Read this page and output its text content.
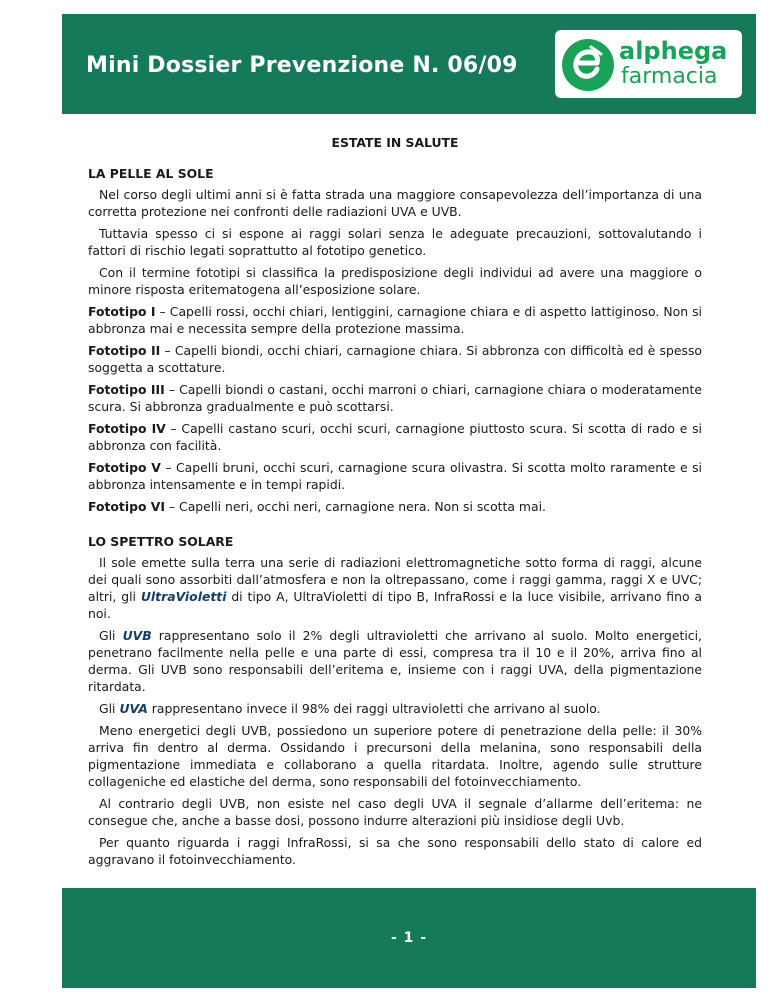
Mini Dossier Prevenzione N. 06/09
alphega
farmacia
ESTATE IN SALUTE
LA PELLE AL SOLE

Nel corso degli ultimi anni si è fatta strada una maggiore consapevolezza dell’importanza di una corretta protezione nei confronti delle radiazioni UVA e UVB.

Tuttavia spesso ci si espone ai raggi solari senza le adeguate precauzioni, sottovalutando i fattori di rischio legati soprattutto al fototipo genetico.

Con il termine fototipi si classifica la predisposizione degli individui ad avere una maggiore o minore risposta eritematogena all’esposizione solare.

Fototipo I – Capelli rossi, occhi chiari, lentiggini, carnagione chiara e di aspetto lattiginoso. Non si abbronza mai e necessita sempre della protezione massima.

Fototipo II – Capelli biondi, occhi chiari, carnagione chiara. Si abbronza con difficoltà ed è spesso soggetta a scottature.

Fototipo III – Capelli biondi o castani, occhi marroni o chiari, carnagione chiara o moderatamente scura. Si abbronza gradualmente e può scottarsi.

Fototipo IV – Capelli castano scuri, occhi scuri, carnagione piuttosto scura. Si scotta di rado e si abbronza con facilità.

Fototipo V – Capelli bruni, occhi scuri, carnagione scura olivastra. Si scotta molto raramente e si abbronza intensamente e in tempi rapidi.

Fototipo VI – Capelli neri, occhi neri, carnagione nera. Non si scotta mai.

LO SPETTRO SOLARE

Il sole emette sulla terra una serie di radiazioni elettromagnetiche sotto forma di raggi, alcune dei quali sono assorbiti dall’atmosfera e non la oltrepassano, come i raggi gamma, raggi X e UVC; altri, gli UltraVioletti di tipo A, UltraVioletti di tipo B, InfraRossi e la luce visibile, arrivano fino a noi.

Gli UVB rappresentano solo il 2% degli ultravioletti che arrivano al suolo. Molto energetici, penetrano facilmente nella pelle e una parte di essi, compresa tra il 10 e il 20%, arriva fino al derma. Gli UVB sono responsabili dell’eritema e, insieme con i raggi UVA, della pigmentazione ritardata.

Gli UVA rappresentano invece il 98% dei raggi ultravioletti che arrivano al suolo.

Meno energetici degli UVB, possiedono un superiore potere di penetrazione della pelle: il 30% arriva fin dentro al derma. Ossidando i precursoni della melanina, sono responsabili della pigmentazione immediata e collaborano a quella ritardata. Inoltre, agendo sulle strutture collageniche ed elastiche del derma, sono responsabili del fotoinvecchiamento.

Al contrario degli UVB, non esiste nel caso degli UVA il segnale d’allarme dell’eritema: ne consegue che, anche a basse dosi, possono indurre alterazioni più insidiose degli Uvb.

Per quanto riguarda i raggi InfraRossi, si sa che sono responsabili dello stato di calore ed aggravano il fotoinvecchiamento.

- 1 -
